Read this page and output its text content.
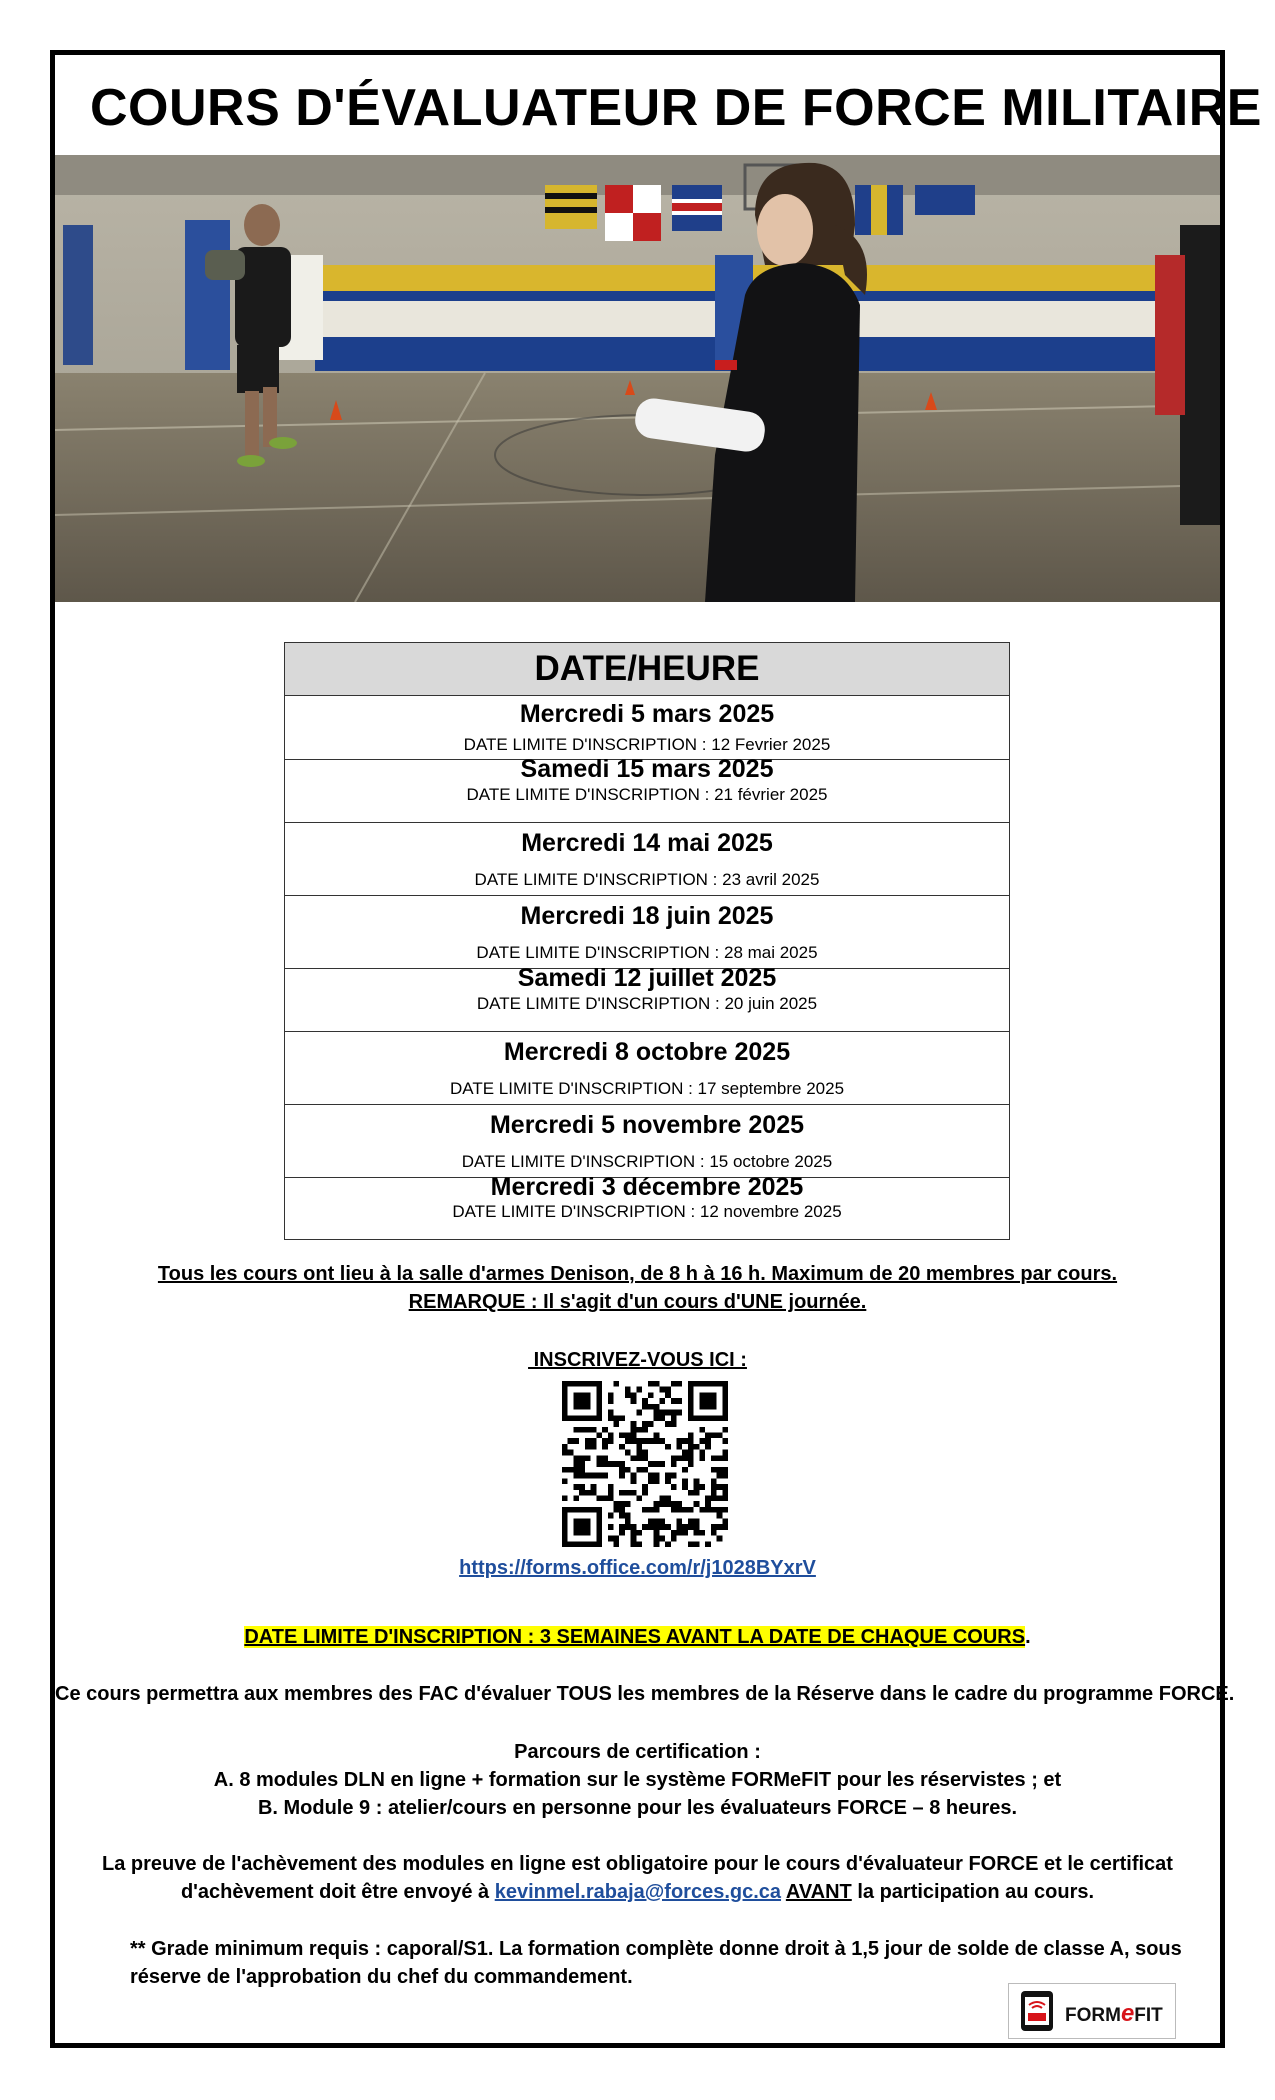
COURS D'ÉVALUATEUR DE FORCE MILITAIRE
DATE/HEURE
Mercredi 5 mars 2025
DATE LIMITE D'INSCRIPTION : 12 Fevrier 2025
Samedi 15 mars 2025
DATE LIMITE D'INSCRIPTION : 21 février 2025
Mercredi 14 mai 2025
DATE LIMITE D'INSCRIPTION : 23 avril 2025
Mercredi 18 juin 2025
DATE LIMITE D'INSCRIPTION : 28 mai 2025
Samedi 12 juillet 2025
DATE LIMITE D'INSCRIPTION : 20 juin 2025
Mercredi 8 octobre 2025
DATE LIMITE D'INSCRIPTION : 17 septembre 2025
Mercredi 5 novembre 2025
DATE LIMITE D'INSCRIPTION : 15 octobre 2025
Mercredi 3 décembre 2025
DATE LIMITE D'INSCRIPTION : 12 novembre 2025
Tous les cours ont lieu à la salle d'armes Denison, de 8 h à 16 h. Maximum de 20 membres par cours.
REMARQUE : Il s'agit d'un cours d'UNE journée.
INSCRIVEZ-VOUS ICI :
https://forms.office.com/r/j1028BYxrV
DATE LIMITE D'INSCRIPTION : 3 SEMAINES AVANT LA DATE DE CHAQUE COURS.
Ce cours permettra aux membres des FAC d'évaluer TOUS les membres de la Réserve dans le cadre du programme FORCE.
Parcours de certification :
A. 8 modules DLN en ligne + formation sur le système FORMeFIT pour les réservistes ; et
B. Module 9 : atelier/cours en personne pour les évaluateurs FORCE – 8 heures.
La preuve de l'achèvement des modules en ligne est obligatoire pour le cours d'évaluateur FORCE et le certificat
d'achèvement doit être envoyé à kevinmel.rabaja@forces.gc.ca AVANT la participation au cours.
** Grade minimum requis : caporal/S1. La formation complète donne droit à 1,5 jour de solde de classe A, sous
réserve de l'approbation du chef du commandement.
FORMeFIT
